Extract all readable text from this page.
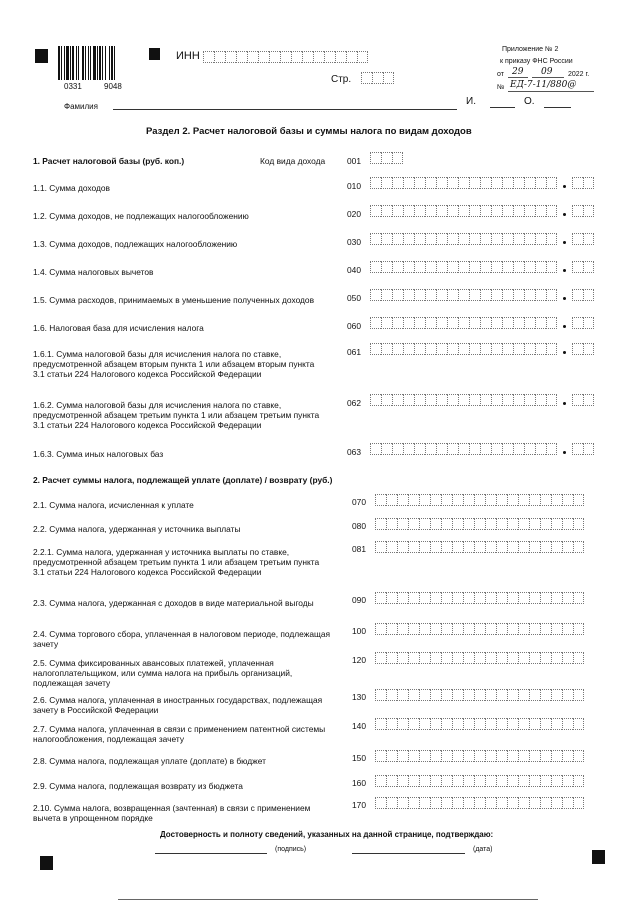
0331	9048
ИНН
Стр.
Приложение № 2
к приказу ФНС России
от 29 09 2022 г.
№ ЕД-7-11/880@
Фамилия	И.	О.
Раздел 2. Расчет налоговой базы и суммы налога по видам доходов
1. Расчет налоговой базы (руб. коп.)	Код вида дохода	001
1.1. Сумма доходов	010
1.2. Сумма доходов, не подлежащих налогообложению	020
1.3. Сумма доходов, подлежащих налогообложению	030
1.4. Сумма налоговых вычетов	040
1.5. Сумма расходов, принимаемых в уменьшение полученных доходов	050
1.6. Налоговая база для исчисления налога	060
1.6.1. Сумма налоговой базы для исчисления налога по ставке, предусмотренной абзацем вторым пункта 1 или абзацем вторым пункта 3.1 статьи 224 Налогового кодекса Российской Федерации
061
1.6.2. Сумма налоговой базы для исчисления налога по ставке, предусмотренной абзацем третьим пункта 1 или абзацем третьим пункта 3.1 статьи 224 Налогового кодекса Российской Федерации
062
1.6.3. Сумма иных налоговых баз	063
2. Расчет суммы налога, подлежащей уплате (доплате) / возврату (руб.)
2.1. Сумма налога, исчисленная к уплате	070
2.2. Сумма налога, удержанная у источника выплаты	080
2.2.1. Сумма налога, удержанная у источника выплаты по ставке, предусмотренной абзацем третьим пункта 1 или абзацем третьим пункта 3.1 статьи 224 Налогового кодекса Российской Федерации
081
2.3. Сумма налога, удержанная с доходов в виде материальной выгоды	090
2.4. Сумма торгового сбора, уплаченная в налоговом периоде, подлежащая зачету
100
2.5. Сумма фиксированных авансовых платежей, уплаченная налогоплательщиком, или сумма налога на прибыль организаций, подлежащая зачету
120
2.6. Сумма налога, уплаченная в иностранных государствах, подлежащая зачету в Российской Федерации
130
2.7. Сумма налога, уплаченная в связи с применением патентной системы налогообложения, подлежащая зачету
140
2.8. Сумма налога, подлежащая уплате (доплате) в бюджет	150
2.9. Сумма налога, подлежащая возврату из бюджета	160
2.10. Сумма налога, возвращенная (зачтенная) в связи с применением вычета в упрощенном порядке
170
Достоверность и полноту сведений, указанных на данной странице, подтверждаю:
(подпись)	(дата)
